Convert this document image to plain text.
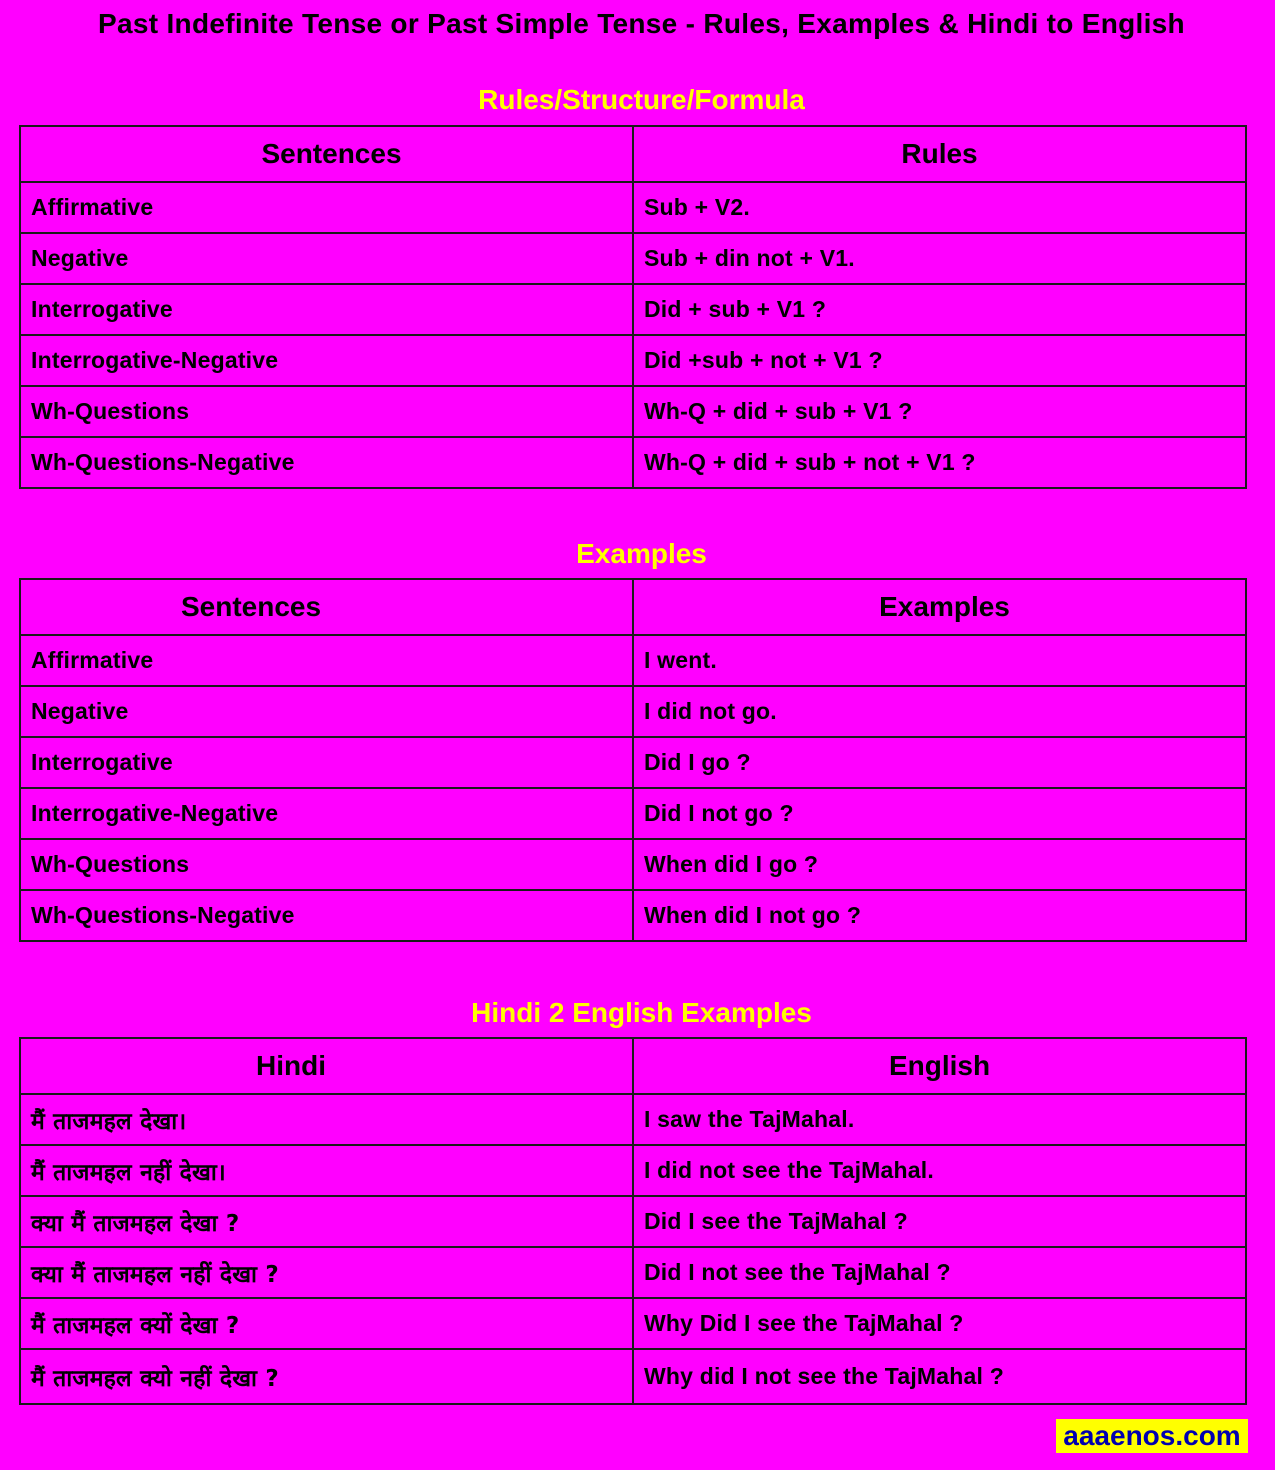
Past Indefinite Tense or Past Simple Tense - Rules, Examples & Hindi to English
Rules/Structure/Formula
Sentences	Rules
Affirmative	Sub + V2.
Negative	Sub + din not + V1.
Interrogative	Did + sub + V1 ?
Interrogative-Negative	Did +sub + not + V1 ?
Wh-Questions	Wh-Q + did + sub + V1 ?
Wh-Questions-Negative	Wh-Q + did + sub + not + V1 ?
Examples
Sentences	Examples
Affirmative	I went.
Negative	I did not go.
Interrogative	Did I go ?
Interrogative-Negative	Did I not go ?
Wh-Questions	When did I go ?
Wh-Questions-Negative	When did I not go ?
Hindi 2 English Examples
Hindi	English
मैं ताजमहल देखा।	I saw the TajMahal.
मैं ताजमहल नहीं देखा।	I did not see the TajMahal.
क्या मैं ताजमहल देखा ?	Did I see the TajMahal ?
क्या मैं ताजमहल नहीं देखा ?	Did I not see the TajMahal ?
मैं ताजमहल क्यों देखा ?	Why Did I see the TajMahal ?
मैं ताजमहल क्यो नहीं देखा ?	Why did I not see the TajMahal ?
aaaenos.com
